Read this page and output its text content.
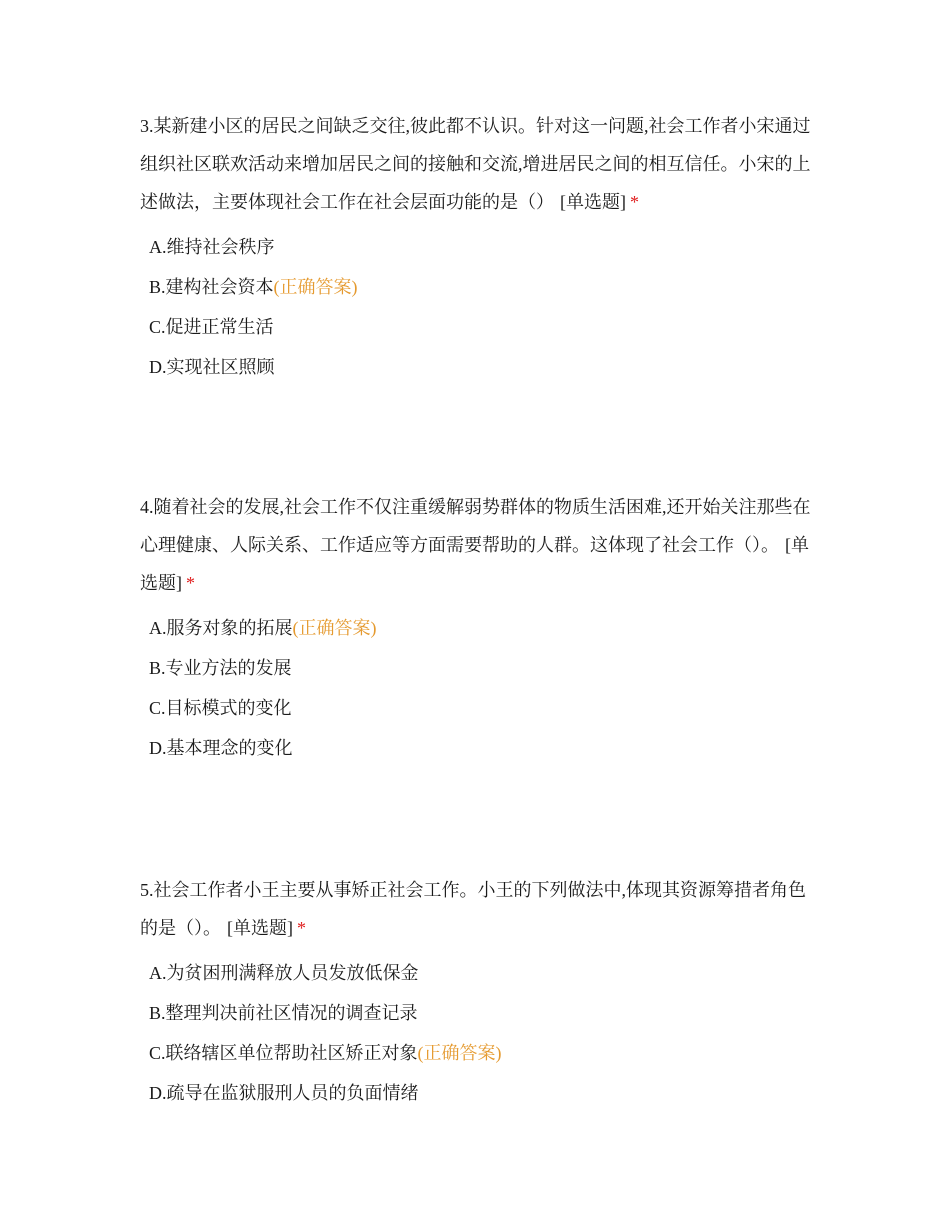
3.某新建小区的居民之间缺乏交往,彼此都不认识。针对这一问题,社会工作者小宋通过组织社区联欢活动来增加居民之间的接触和交流,增进居民之间的相互信任。小宋的上述做法，主要体现社会工作在社会层面功能的是（） [单选题] *

A.维持社会秩序
B.建构社会资本(正确答案)
C.促进正常生活
D.实现社区照顾

4.随着社会的发展,社会工作不仅注重缓解弱势群体的物质生活困难,还开始关注那些在心理健康、人际关系、工作适应等方面需要帮助的人群。这体现了社会工作（）。 [单选题] *

A.服务对象的拓展(正确答案)
B.专业方法的发展
C.目标模式的变化
D.基本理念的变化

5.社会工作者小王主要从事矫正社会工作。小王的下列做法中,体现其资源筹措者角色的是（）。 [单选题] *

A.为贫困刑满释放人员发放低保金
B.整理判决前社区情况的调查记录
C.联络辖区单位帮助社区矫正对象(正确答案)
D.疏导在监狱服刑人员的负面情绪
